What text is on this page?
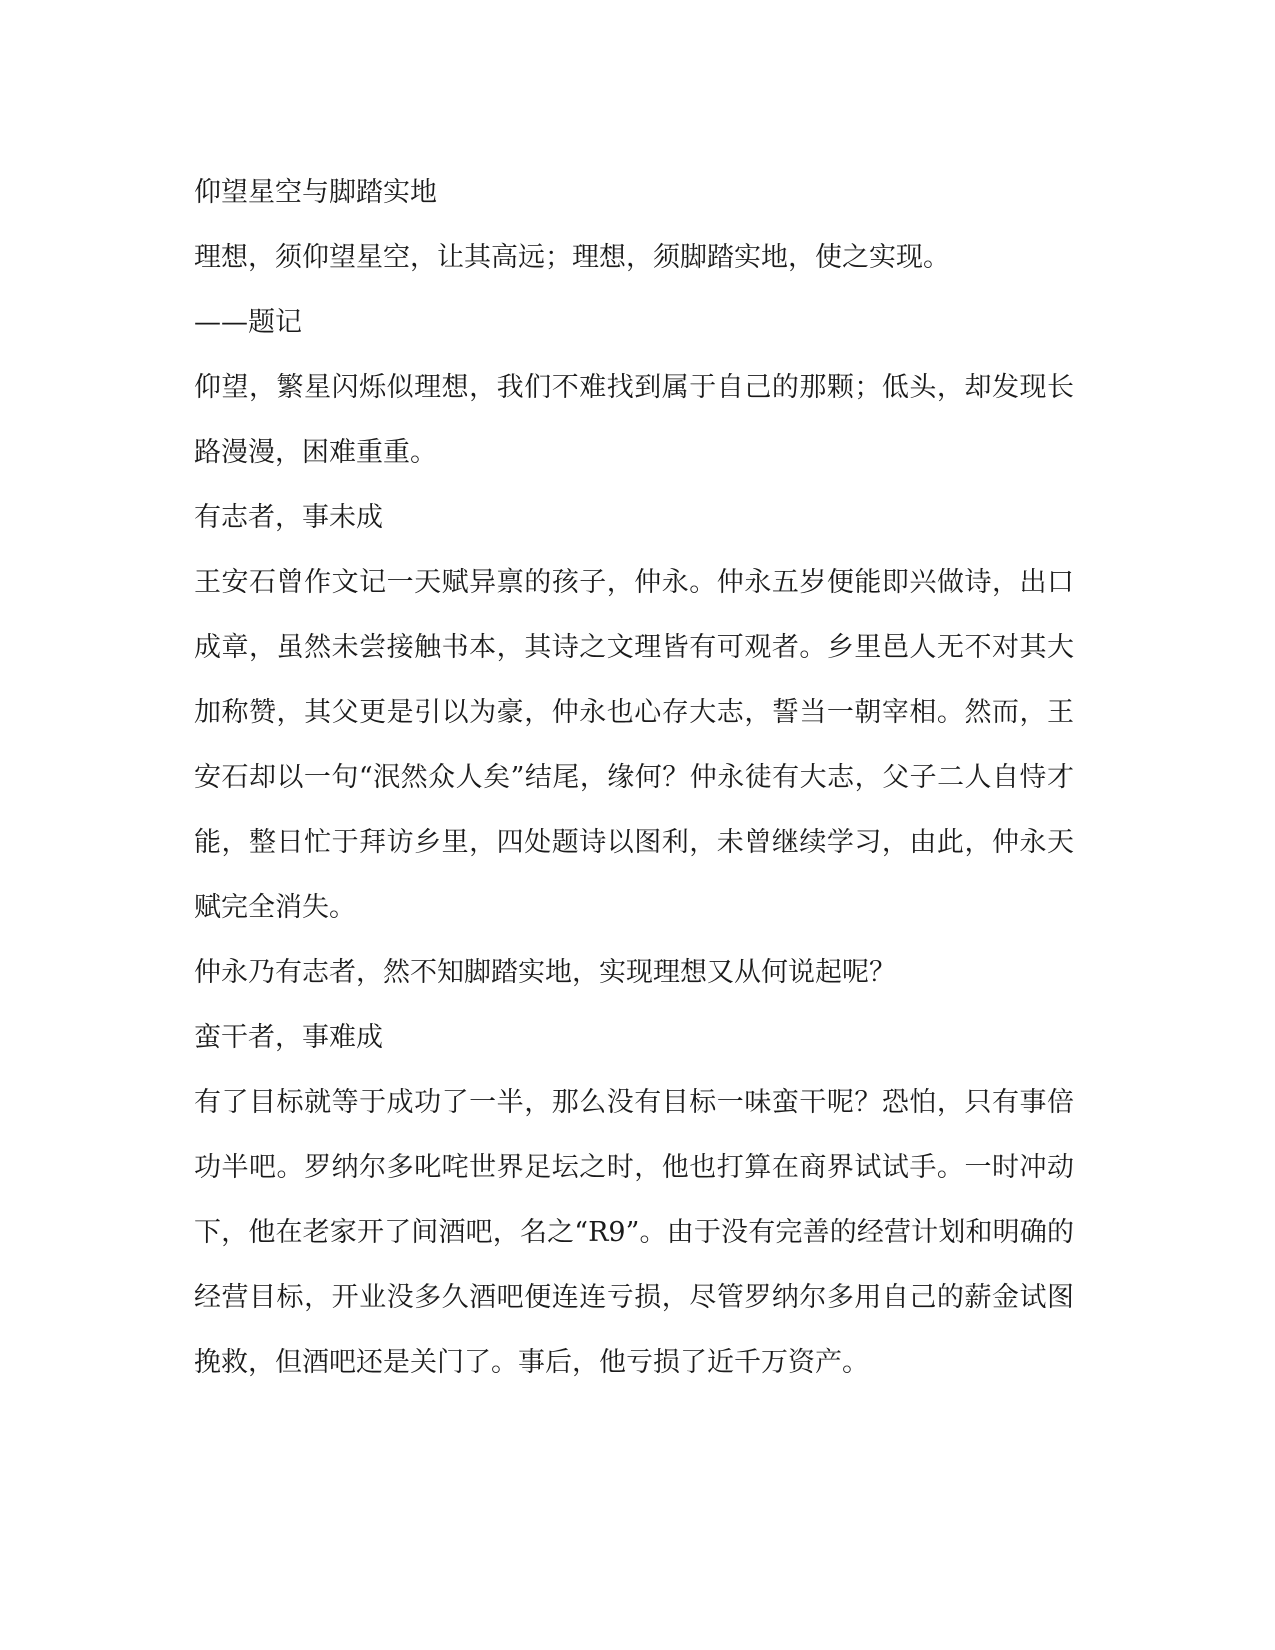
仰望星空与脚踏实地

理想，须仰望星空，让其高远；理想，须脚踏实地，使之实现。

——题记

仰望，繁星闪烁似理想，我们不难找到属于自己的那颗；低头，却发现长路漫漫，困难重重。

有志者，事未成

王安石曾作文记一天赋异禀的孩子，仲永。仲永五岁便能即兴做诗，出口成章，虽然未尝接触书本，其诗之文理皆有可观者。乡里邑人无不对其大加称赞，其父更是引以为豪，仲永也心存大志，誓当一朝宰相。然而，王安石却以一句“泯然众人矣”结尾，缘何？仲永徒有大志，父子二人自恃才能，整日忙于拜访乡里，四处题诗以图利，未曾继续学习，由此，仲永天赋完全消失。

仲永乃有志者，然不知脚踏实地，实现理想又从何说起呢？

蛮干者，事难成

有了目标就等于成功了一半，那么没有目标一味蛮干呢？恐怕，只有事倍功半吧。罗纳尔多叱咤世界足坛之时，他也打算在商界试试手。一时冲动下，他在老家开了间酒吧，名之“R9”。由于没有完善的经营计划和明确的经营目标，开业没多久酒吧便连连亏损，尽管罗纳尔多用自己的薪金试图挽救，但酒吧还是关门了。事后，他亏损了近千万资产。
